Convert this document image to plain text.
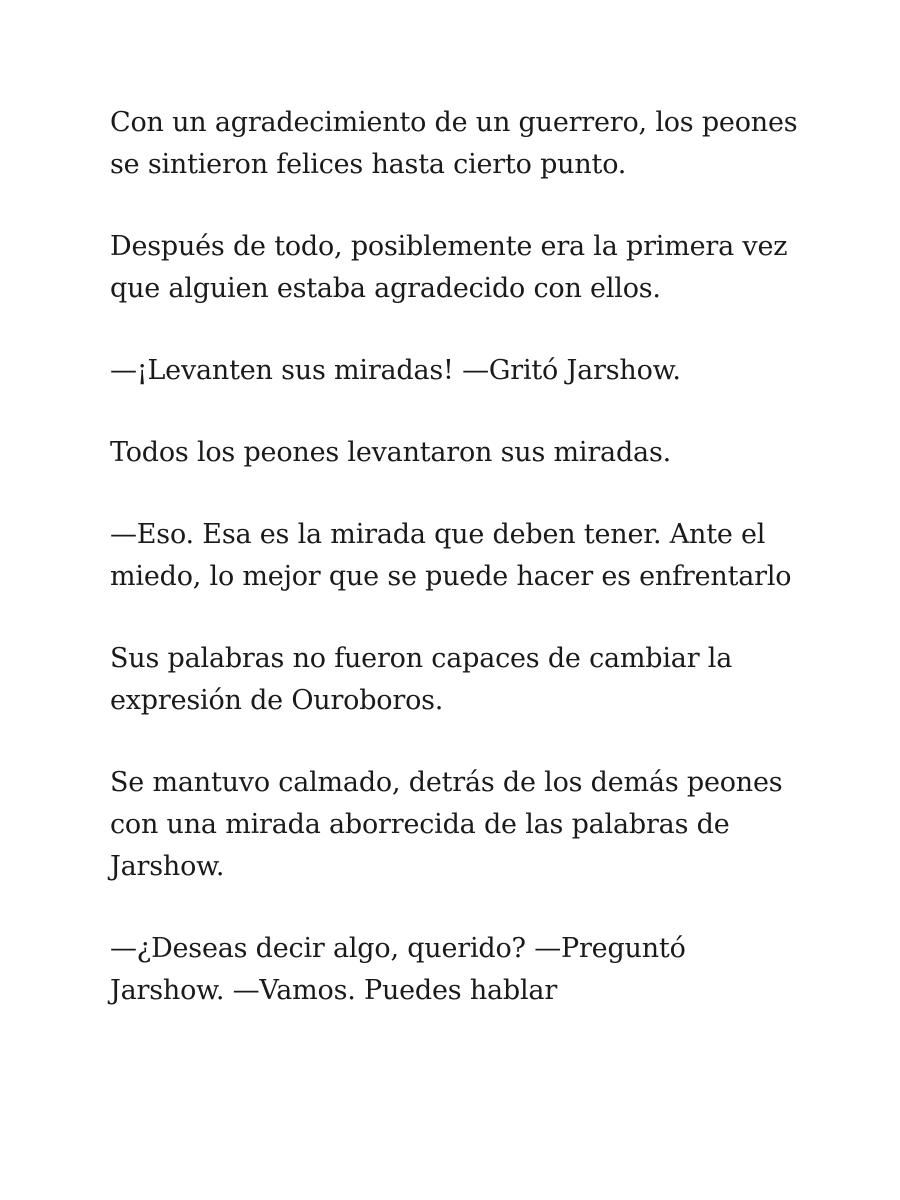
Con un agradecimiento de un guerrero, los peones se sintieron felices hasta cierto punto.

Después de todo, posiblemente era la primera vez que alguien estaba agradecido con ellos.

—¡Levanten sus miradas! —Gritó Jarshow.

Todos los peones levantaron sus miradas.

—Eso. Esa es la mirada que deben tener. Ante el miedo, lo mejor que se puede hacer es enfrentarlo

Sus palabras no fueron capaces de cambiar la expresión de Ouroboros.

Se mantuvo calmado, detrás de los demás peones con una mirada aborrecida de las palabras de Jarshow.

—¿Deseas decir algo, querido? —Preguntó Jarshow. —Vamos. Puedes hablar
